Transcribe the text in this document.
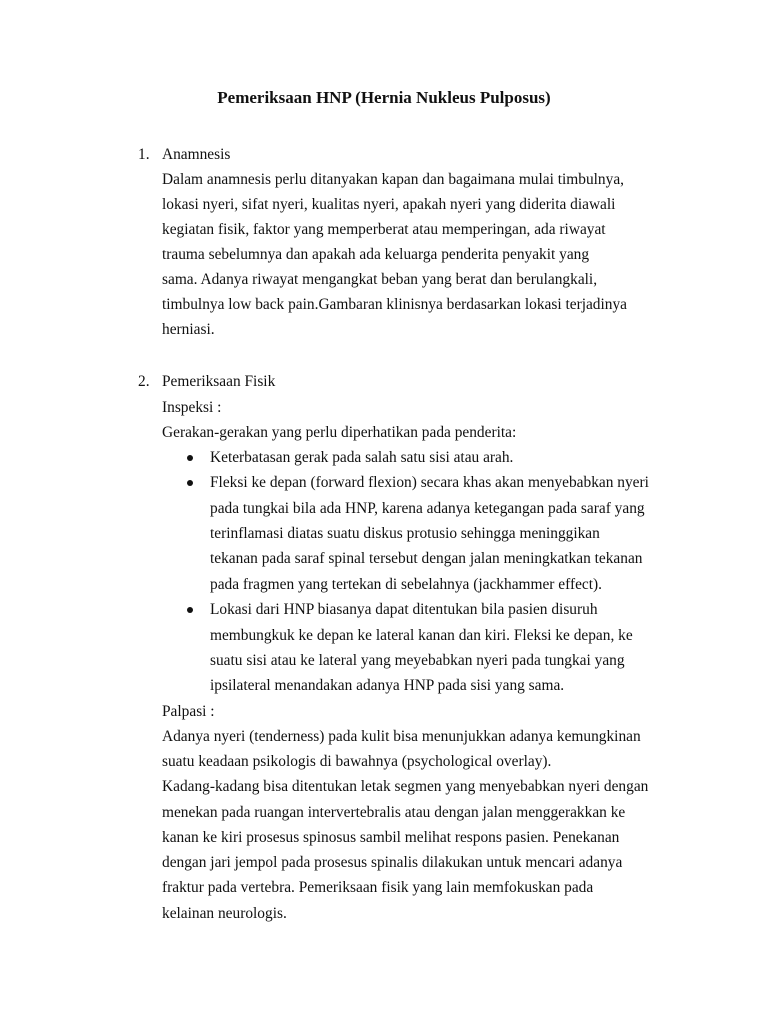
Pemeriksaan HNP (Hernia Nukleus Pulposus)
1. Anamnesis
Dalam anamnesis perlu ditanyakan kapan dan bagaimana mulai timbulnya,
lokasi nyeri, sifat nyeri, kualitas nyeri, apakah nyeri yang diderita diawali
kegiatan fisik, faktor yang memperberat atau memperingan, ada riwayat
trauma sebelumnya dan apakah ada keluarga penderita penyakit yang
sama. Adanya riwayat mengangkat beban yang berat dan berulangkali,
timbulnya low back pain.Gambaran klinisnya berdasarkan lokasi terjadinya
herniasi.
2. Pemeriksaan Fisik
Inspeksi :
Gerakan-gerakan yang perlu diperhatikan pada penderita:
Keterbatasan gerak pada salah satu sisi atau arah.
Fleksi ke depan (forward flexion) secara khas akan menyebabkan nyeri
pada tungkai bila ada HNP, karena adanya ketegangan pada saraf yang
terinflamasi diatas suatu diskus protusio sehingga meninggikan
tekanan pada saraf spinal tersebut dengan jalan meningkatkan tekanan
pada fragmen yang tertekan di sebelahnya (jackhammer effect).
Lokasi dari HNP biasanya dapat ditentukan bila pasien disuruh
membungkuk ke depan ke lateral kanan dan kiri. Fleksi ke depan, ke
suatu sisi atau ke lateral yang meyebabkan nyeri pada tungkai yang
ipsilateral menandakan adanya HNP pada sisi yang sama.
Palpasi :
Adanya nyeri (tenderness) pada kulit bisa menunjukkan adanya kemungkinan
suatu keadaan psikologis di bawahnya (psychological overlay).
Kadang-kadang bisa ditentukan letak segmen yang menyebabkan nyeri dengan
menekan pada ruangan intervertebralis atau dengan jalan menggerakkan ke
kanan ke kiri prosesus spinosus sambil melihat respons pasien. Penekanan
dengan jari jempol pada prosesus spinalis dilakukan untuk mencari adanya
fraktur pada vertebra. Pemeriksaan fisik yang lain memfokuskan pada
kelainan neurologis.
